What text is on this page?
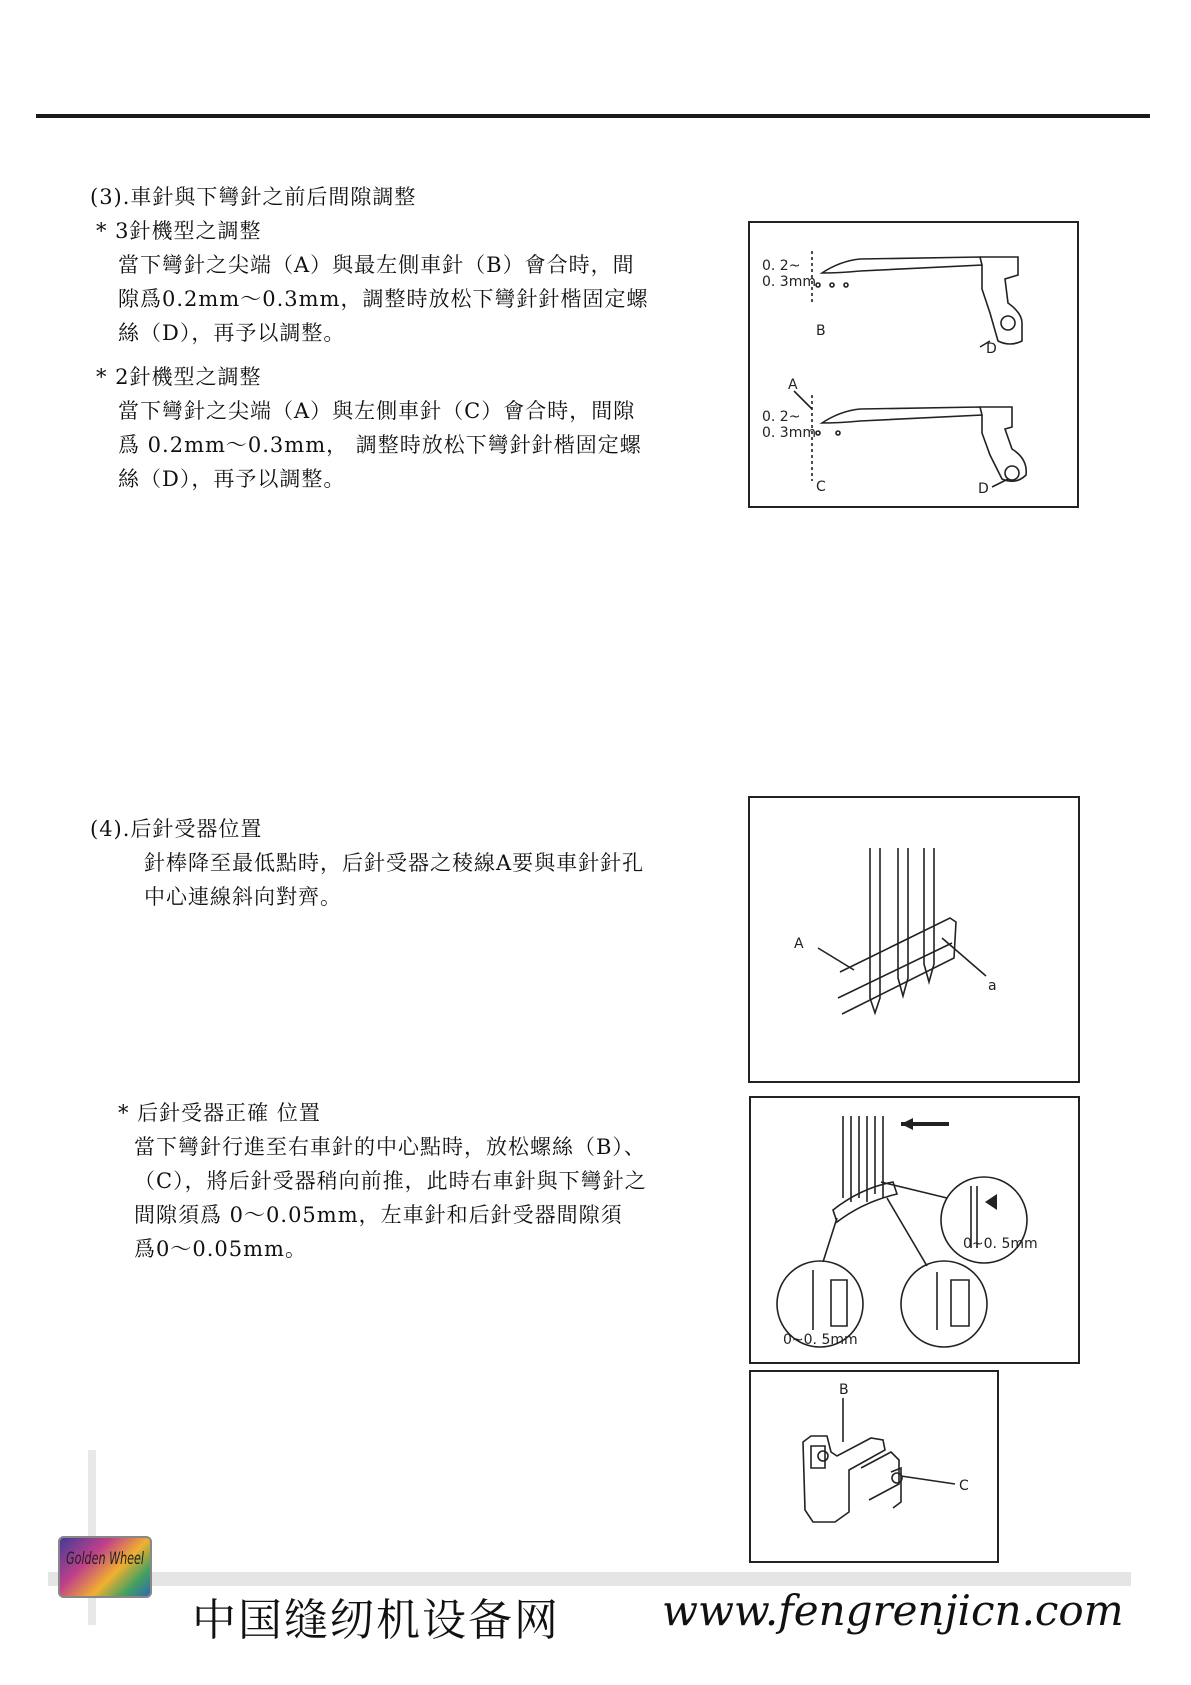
(3).車針與下彎針之前后間隙調整
* 3針機型之調整
當下彎針之尖端（A）與最左側車針（B）會合時，間
隙爲0.2mm～0.3mm，調整時放松下彎針針楷固定螺
絲（D），再予以調整。
* 2針機型之調整
當下彎針之尖端（A）與左側車針（C）會合時，間隙
爲 0.2mm～0.3mm， 調整時放松下彎針針楷固定螺
絲（D），再予以調整。
0. 2~
0. 3mm
B
D
A
0. 2~
0. 3mm
C	D
(4).后針受器位置
針棒降至最低點時，后針受器之稜線A要與車針針孔
中心連線斜向對齊。
A
a
* 后針受器正確 位置
當下彎針行進至右車針的中心點時，放松螺絲（B）、
（C），將后針受器稍向前推，此時右車針與下彎針之
間隙須爲 0～0.05mm，左車針和后針受器間隙須
爲0～0.05mm。	0~0. 5mm
0~0. 5mm
B
C
Golden Wheel
中国缝纫机设备网 www.fengrenjicn.com
